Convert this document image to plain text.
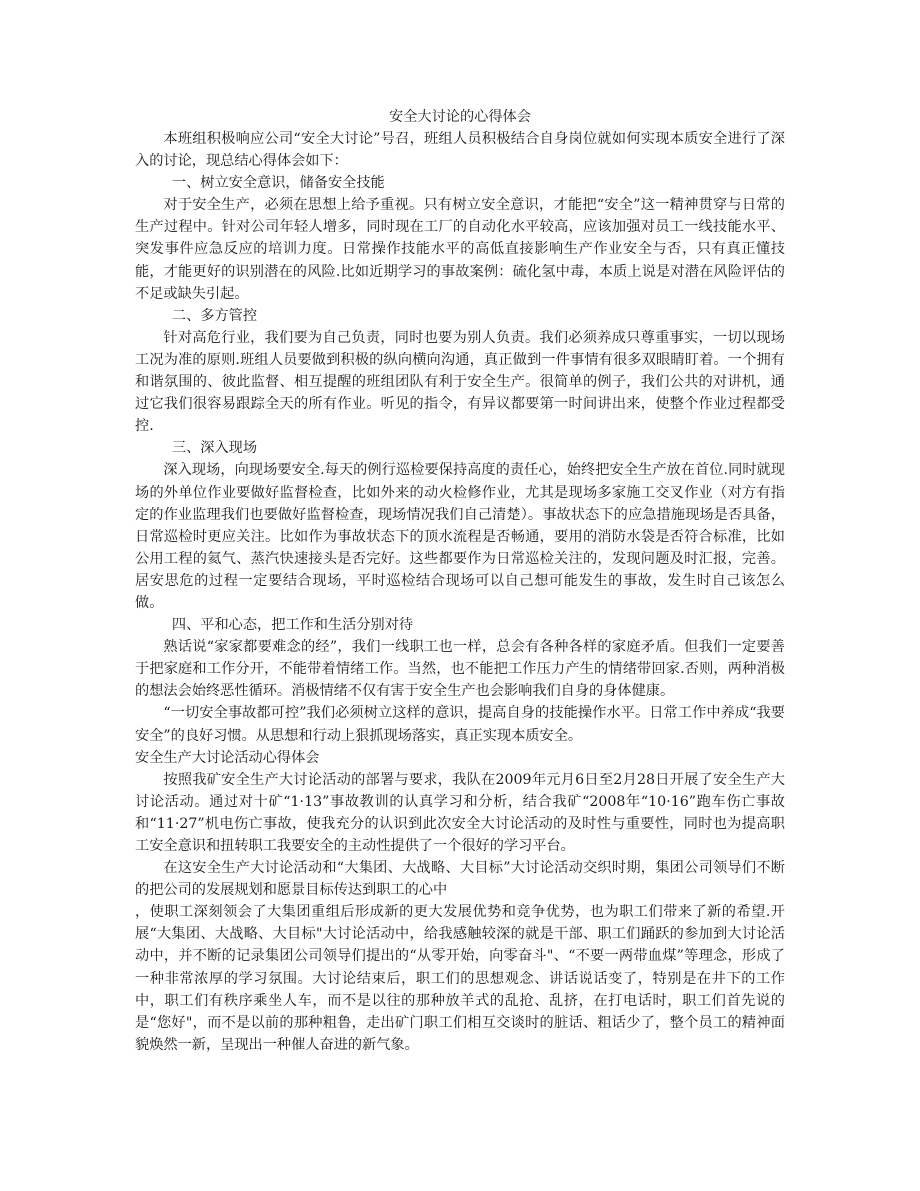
安全大讨论的心得体会

本班组积极响应公司“安全大讨论”号召，班组人员积极结合自身岗位就如何实现本质安全进行了深入的讨论，现总结心得体会如下：

一、树立安全意识，储备安全技能

对于安全生产，必须在思想上给予重视。只有树立安全意识，才能把“安全”这一精神贯穿与日常的生产过程中。针对公司年轻人增多，同时现在工厂的自动化水平较高，应该加强对员工一线技能水平、突发事件应急反应的培训力度。日常操作技能水平的高低直接影响生产作业安全与否，只有真正懂技能，才能更好的识别潜在的风险.比如近期学习的事故案例：硫化氢中毒，本质上说是对潜在风险评估的不足或缺失引起。

二、多方管控

针对高危行业，我们要为自己负责，同时也要为别人负责。我们必须养成只尊重事实，一切以现场工况为准的原则.班组人员要做到积极的纵向横向沟通，真正做到一件事情有很多双眼睛盯着。一个拥有和谐氛围的、彼此监督、相互提醒的班组团队有利于安全生产。很简单的例子，我们公共的对讲机，通过它我们很容易跟踪全天的所有作业。听见的指令，有异议都要第一时间讲出来，使整个作业过程都受控.

三、深入现场

深入现场，向现场要安全.每天的例行巡检要保持高度的责任心，始终把安全生产放在首位.同时就现场的外单位作业要做好监督检查，比如外来的动火检修作业，尤其是现场多家施工交叉作业（对方有指定的作业监理我们也要做好监督检查，现场情况我们自己清楚）。事故状态下的应急措施现场是否具备，日常巡检时更应关注。比如作为事故状态下的顶水流程是否畅通，要用的消防水袋是否符合标准，比如公用工程的氦气、蒸汽快速接头是否完好。这些都要作为日常巡检关注的，发现问题及时汇报，完善。居安思危的过程一定要结合现场，平时巡检结合现场可以自己想可能发生的事故，发生时自己该怎么做。

四、平和心态，把工作和生活分别对待

熟话说“家家都要难念的经”，我们一线职工也一样，总会有各种各样的家庭矛盾。但我们一定要善于把家庭和工作分开，不能带着情绪工作。当然，也不能把工作压力产生的情绪带回家.否则，两种消极的想法会始终恶性循环。消极情绪不仅有害于安全生产也会影响我们自身的身体健康。

“一切安全事故都可控”我们必须树立这样的意识，提高自身的技能操作水平。日常工作中养成“我要安全”的良好习惯。从思想和行动上狠抓现场落实，真正实现本质安全。

安全生产大讨论活动心得体会

按照我矿安全生产大讨论活动的部署与要求，我队在2009年元月6日至2月28日开展了安全生产大讨论活动。通过对十矿“1·13”事故教训的认真学习和分析，结合我矿“2008年“10·16”跑车伤亡事故和“11·27”机电伤亡事故，使我充分的认识到此次安全大讨论活动的及时性与重要性，同时也为提高职工安全意识和扭转职工我要安全的主动性提供了一个很好的学习平台。

在这安全生产大讨论活动和“大集团、大战略、大目标”大讨论活动交织时期，集团公司领导们不断的把公司的发展规划和愿景目标传达到职工的心中

，使职工深刻领会了大集团重组后形成新的更大发展优势和竞争优势，也为职工们带来了新的希望.开展“大集团、大战略、大目标"大讨论活动中，给我感触较深的就是干部、职工们踊跃的参加到大讨论活动中，并不断的记录集团公司领导们提出的“从零开始，向零奋斗"、“不要一两带血煤”等理念，形成了一种非常浓厚的学习氛围。大讨论结束后，职工们的思想观念、讲话说话变了，特别是在井下的工作中，职工们有秩序乘坐人车，而不是以往的那种放羊式的乱抢、乱挤，在打电话时，职工们首先说的是“您好"，而不是以前的那种粗鲁，走出矿门职工们相互交谈时的脏话、粗话少了，整个员工的精神面貌焕然一新，呈现出一种催人奋进的新气象。
